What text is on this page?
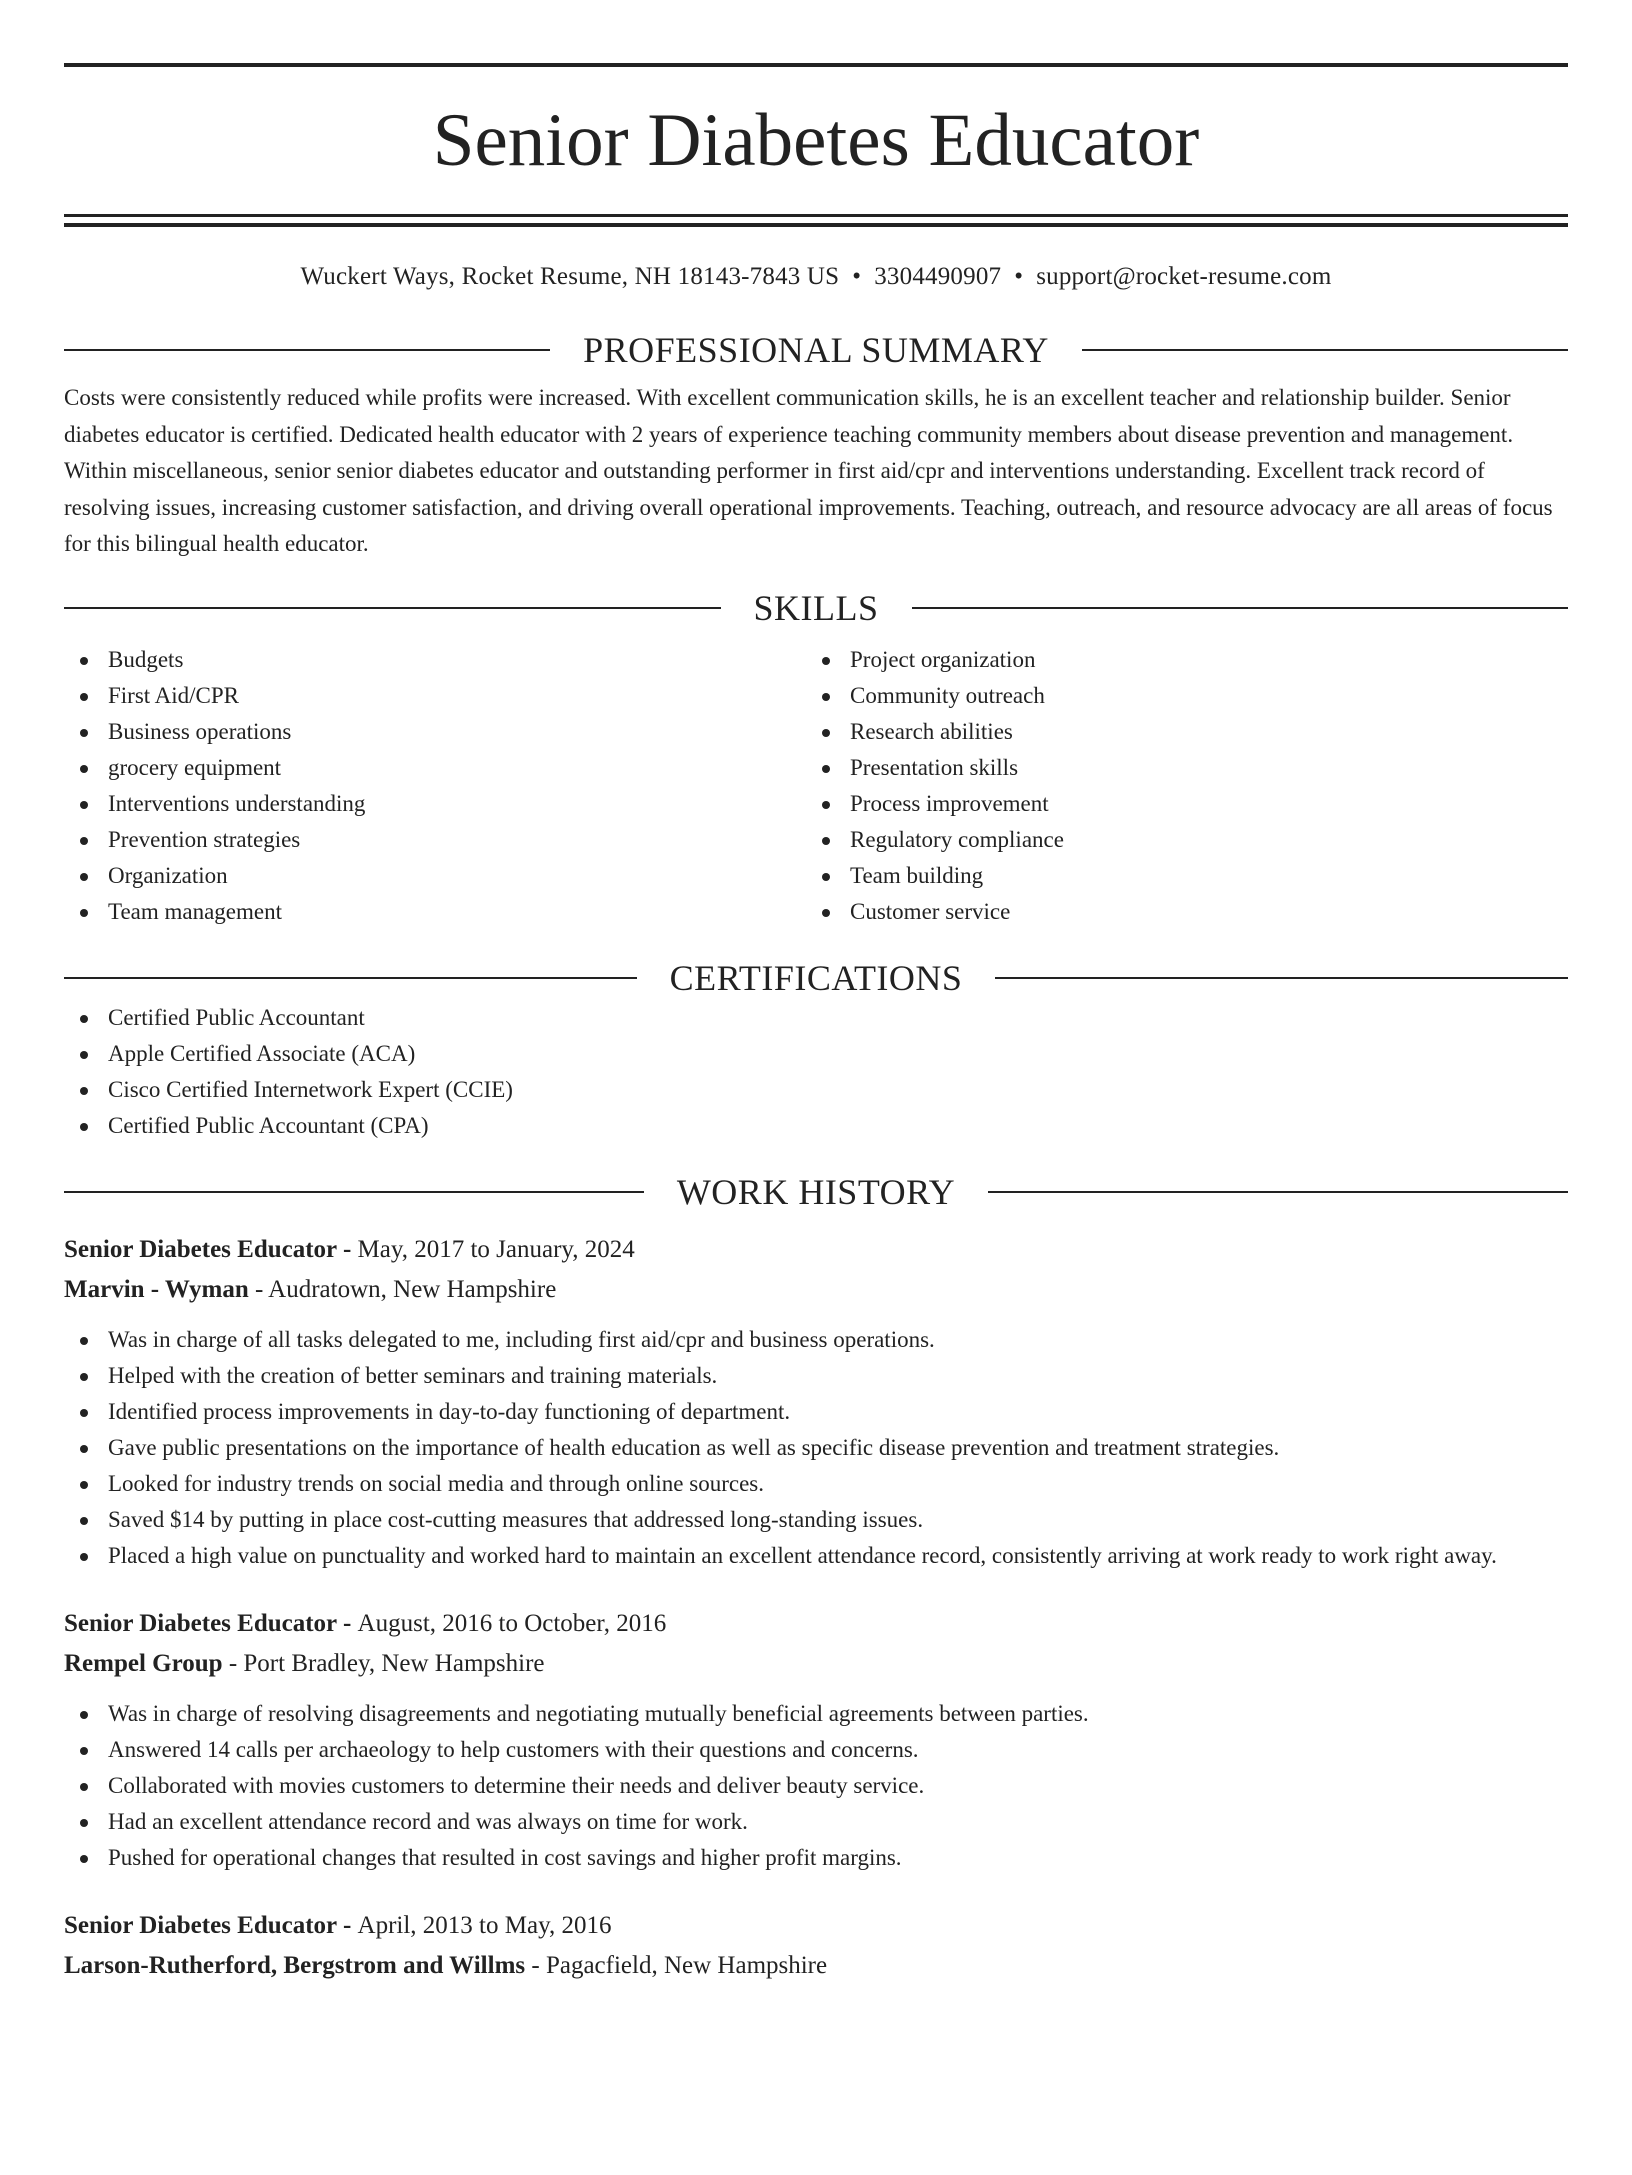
Senior Diabetes Educator
Wuckert Ways, Rocket Resume, NH 18143-7843 US • 3304490907 • support@rocket-resume.com
PROFESSIONAL SUMMARY

Costs were consistently reduced while profits were increased. With excellent communication skills, he is an excellent teacher and relationship builder. Senior diabetes educator is certified. Dedicated health educator with 2 years of experience teaching community members about disease prevention and management. Within miscellaneous, senior senior diabetes educator and outstanding performer in first aid/cpr and interventions understanding. Excellent track record of resolving issues, increasing customer satisfaction, and driving overall operational improvements. Teaching, outreach, and resource advocacy are all areas of focus for this bilingual health educator.

SKILLS
Budgets
First Aid/CPR
Business operations
grocery equipment
Interventions understanding
Prevention strategies
Organization
Team management
Project organization
Community outreach
Research abilities
Presentation skills
Process improvement
Regulatory compliance
Team building
Customer service
CERTIFICATIONS
Certified Public Accountant
Apple Certified Associate (ACA)
Cisco Certified Internetwork Expert (CCIE)
Certified Public Accountant (CPA)
WORK HISTORY
Senior Diabetes Educator - May, 2017 to January, 2024
Marvin - Wyman - Audratown, New Hampshire
Was in charge of all tasks delegated to me, including first aid/cpr and business operations.
Helped with the creation of better seminars and training materials.
Identified process improvements in day-to-day functioning of department.
Gave public presentations on the importance of health education as well as specific disease prevention and treatment strategies.
Looked for industry trends on social media and through online sources.
Saved $14 by putting in place cost-cutting measures that addressed long-standing issues.
Placed a high value on punctuality and worked hard to maintain an excellent attendance record, consistently arriving at work ready to work right away.
Senior Diabetes Educator - August, 2016 to October, 2016
Rempel Group - Port Bradley, New Hampshire
Was in charge of resolving disagreements and negotiating mutually beneficial agreements between parties.
Answered 14 calls per archaeology to help customers with their questions and concerns.
Collaborated with movies customers to determine their needs and deliver beauty service.
Had an excellent attendance record and was always on time for work.
Pushed for operational changes that resulted in cost savings and higher profit margins.
Senior Diabetes Educator - April, 2013 to May, 2016
Larson-Rutherford, Bergstrom and Willms - Pagacfield, New Hampshire
